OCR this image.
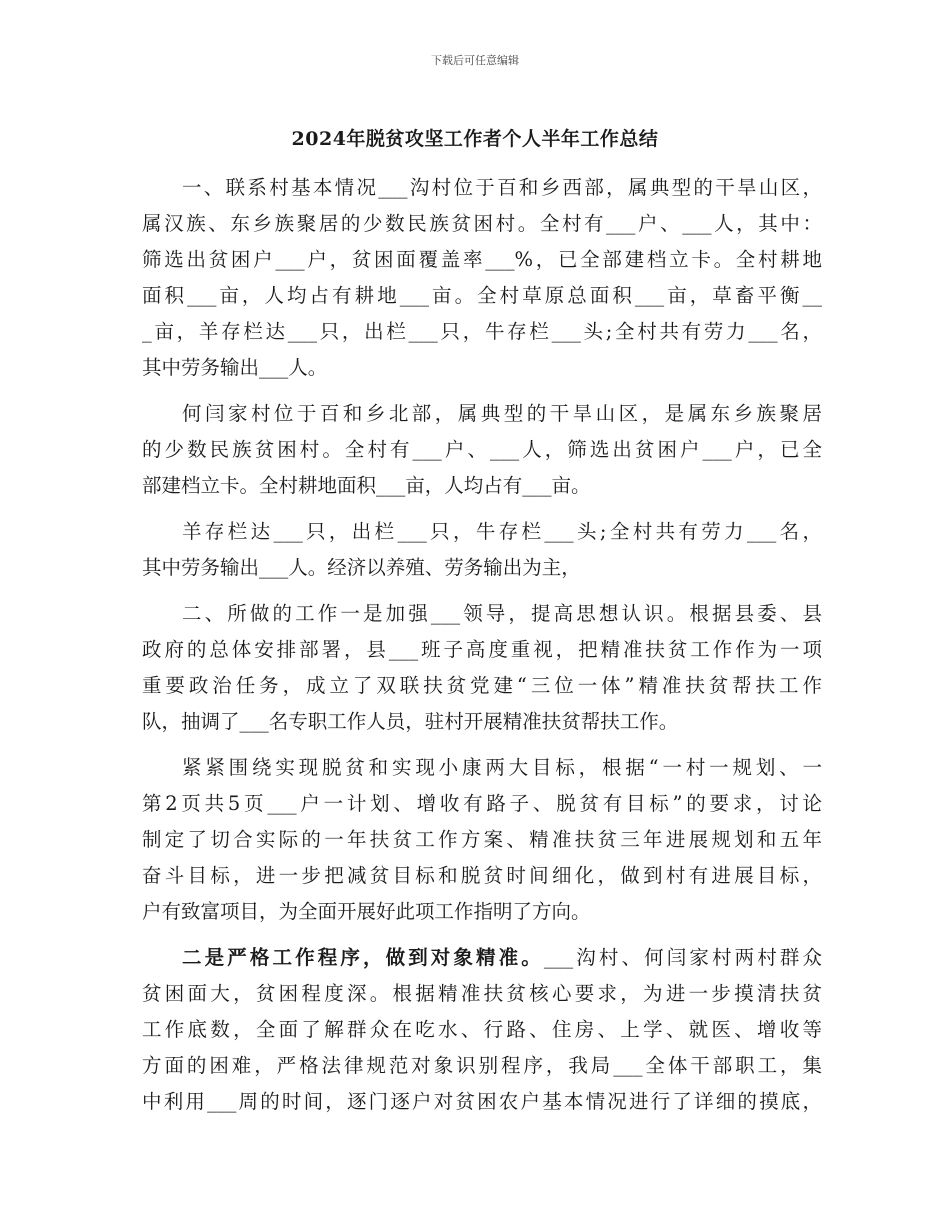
下载后可任意编辑
2024年脱贫攻坚工作者个人半年工作总结
一、联系村基本情况___沟村位于百和乡西部，属典型的干旱山区，
属汉族、东乡族聚居的少数民族贫困村。全村有___户、___人，其中：
筛选出贫困户___户，贫困面覆盖率___%，已全部建档立卡。全村耕地
面积___亩，人均占有耕地___亩。全村草原总面积___亩，草畜平衡__
_亩，羊存栏达___只，出栏___只，牛存栏___头;全村共有劳力___名，
其中劳务输出___人。
何闫家村位于百和乡北部，属典型的干旱山区，是属东乡族聚居
的少数民族贫困村。全村有___户、___人，筛选出贫困户___户，已全
部建档立卡。全村耕地面积___亩，人均占有___亩。
羊存栏达___只，出栏___只，牛存栏___头;全村共有劳力___名，
其中劳务输出___人。经济以养殖、劳务输出为主，
二、所做的工作一是加强___领导，提高思想认识。根据县委、县
政府的总体安排部署，县___班子高度重视，把精准扶贫工作作为一项
重要政治任务，成立了双联扶贫党建“三位一体”精准扶贫帮扶工作
队，抽调了___名专职工作人员，驻村开展精准扶贫帮扶工作。
紧紧围绕实现脱贫和实现小康两大目标，根据“一村一规划、一
第2页共5页___户一计划、增收有路子、脱贫有目标”的要求，讨论
制定了切合实际的一年扶贫工作方案、精准扶贫三年进展规划和五年
奋斗目标，进一步把减贫目标和脱贫时间细化，做到村有进展目标，
户有致富项目，为全面开展好此项工作指明了方向。
二是严格工作程序，做到对象精准。___沟村、何闫家村两村群众
贫困面大，贫困程度深。根据精准扶贫核心要求，为进一步摸清扶贫
工作底数，全面了解群众在吃水、行路、住房、上学、就医、增收等
方面的困难，严格法律规范对象识别程序，我局___全体干部职工，集
中利用___周的时间，逐门逐户对贫困农户基本情况进行了详细的摸底，
